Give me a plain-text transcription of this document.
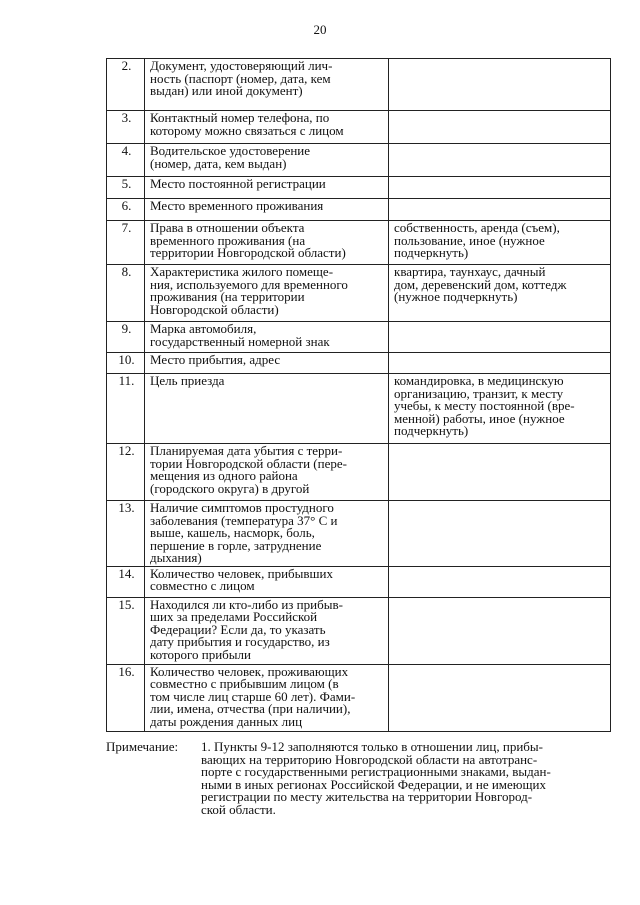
20
2.	Документ, удостоверяющий лич-
ность (паспорт (номер, дата, кем
выдан) или иной документ)	
3.	Контактный номер телефона, по
которому можно связаться с лицом	
4.	Водительское удостоверение
(номер, дата, кем выдан)	
5.	Место постоянной регистрации	
6.	Место временного проживания	
7.	Права в отношении объекта
временного проживания (на
территории Новгородской области)	собственность, аренда (съем),
пользование, иное (нужное
подчеркнуть)
8.	Характеристика жилого помеще-
ния, используемого для временного
проживания (на территории
Новгородской области)	квартира, таунхаус, дачный
дом, деревенский дом, коттедж
(нужное подчеркнуть)
9.	Марка автомобиля,
государственный номерной знак	
10.	Место прибытия, адрес	
11.	Цель приезда	командировка, в медицинскую
организацию, транзит, к месту
учебы, к месту постоянной (вре-
менной) работы, иное (нужное
подчеркнуть)
12.	Планируемая дата убытия с терри-
тории Новгородской области (пере-
мещения из одного района
(городского округа) в другой	
13.	Наличие симптомов простудного
заболевания (температура 37° С и
выше, кашель, насморк, боль,
першение в горле, затруднение
дыхания)	
14.	Количество человек, прибывших
совместно с лицом	
15.	Находился ли кто-либо из прибыв-
ших за пределами Российской
Федерации? Если да, то указать
дату прибытия и государство, из
которого прибыли	
16.	Количество человек, проживающих
совместно с прибывшим лицом (в
том числе лиц старше 60 лет). Фами-
лии, имена, отчества (при наличии),
даты рождения данных лиц	
Примечание: 1. Пункты 9-12 заполняются только в отношении лиц, прибы-
вающих на территорию Новгородской области на автотранс-
порте с государственными регистрационными знаками, выдан-
ными в иных регионах Российской Федерации, и не имеющих
регистрации по месту жительства на территории Новгород-
ской области.
